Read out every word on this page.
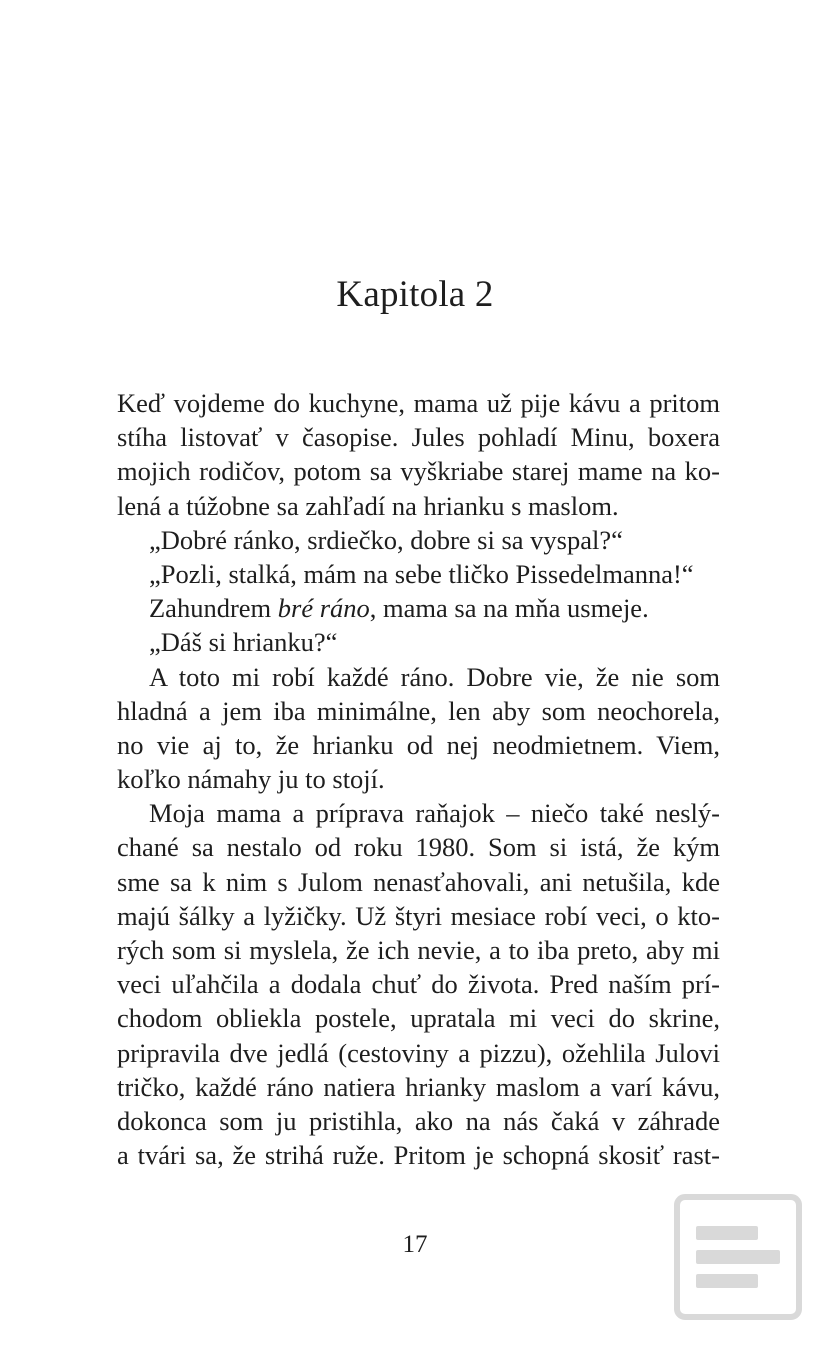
Kapitola 2
Keď vojdeme do kuchyne, mama už pije kávu a pritom
stíha listovať v časopise. Jules pohladí Minu, boxera
mojich rodičov, potom sa vyškriabe starej mame na ko-
lená a túžobne sa zahľadí na hrianku s maslom.
„Dobré ránko, srdiečko, dobre si sa vyspal?“
„Pozli, stalká, mám na sebe tličko Pissedelmanna!“
Zahundrem bré ráno, mama sa na mňa usmeje.
„Dáš si hrianku?“
A toto mi robí každé ráno. Dobre vie, že nie som
hladná a jem iba minimálne, len aby som neochorela,
no vie aj to, že hrianku od nej neodmietnem. Viem,
koľko námahy ju to stojí.
Moja mama a príprava raňajok – niečo také neslý-
chané sa nestalo od roku 1980. Som si istá, že kým
sme sa k nim s Julom nenasťahovali, ani netušila, kde
majú šálky a lyžičky. Už štyri mesiace robí veci, o kto-
rých som si myslela, že ich nevie, a to iba preto, aby mi
veci uľahčila a dodala chuť do života. Pred naším prí-
chodom obliekla postele, upratala mi veci do skrine,
pripravila dve jedlá (cestoviny a pizzu), ožehlila Julovi
tričko, každé ráno natiera hrianky maslom a varí kávu,
dokonca som ju pristihla, ako na nás čaká v záhrade
a tvári sa, že strihá ruže. Pritom je schopná skosiť rast-
17
